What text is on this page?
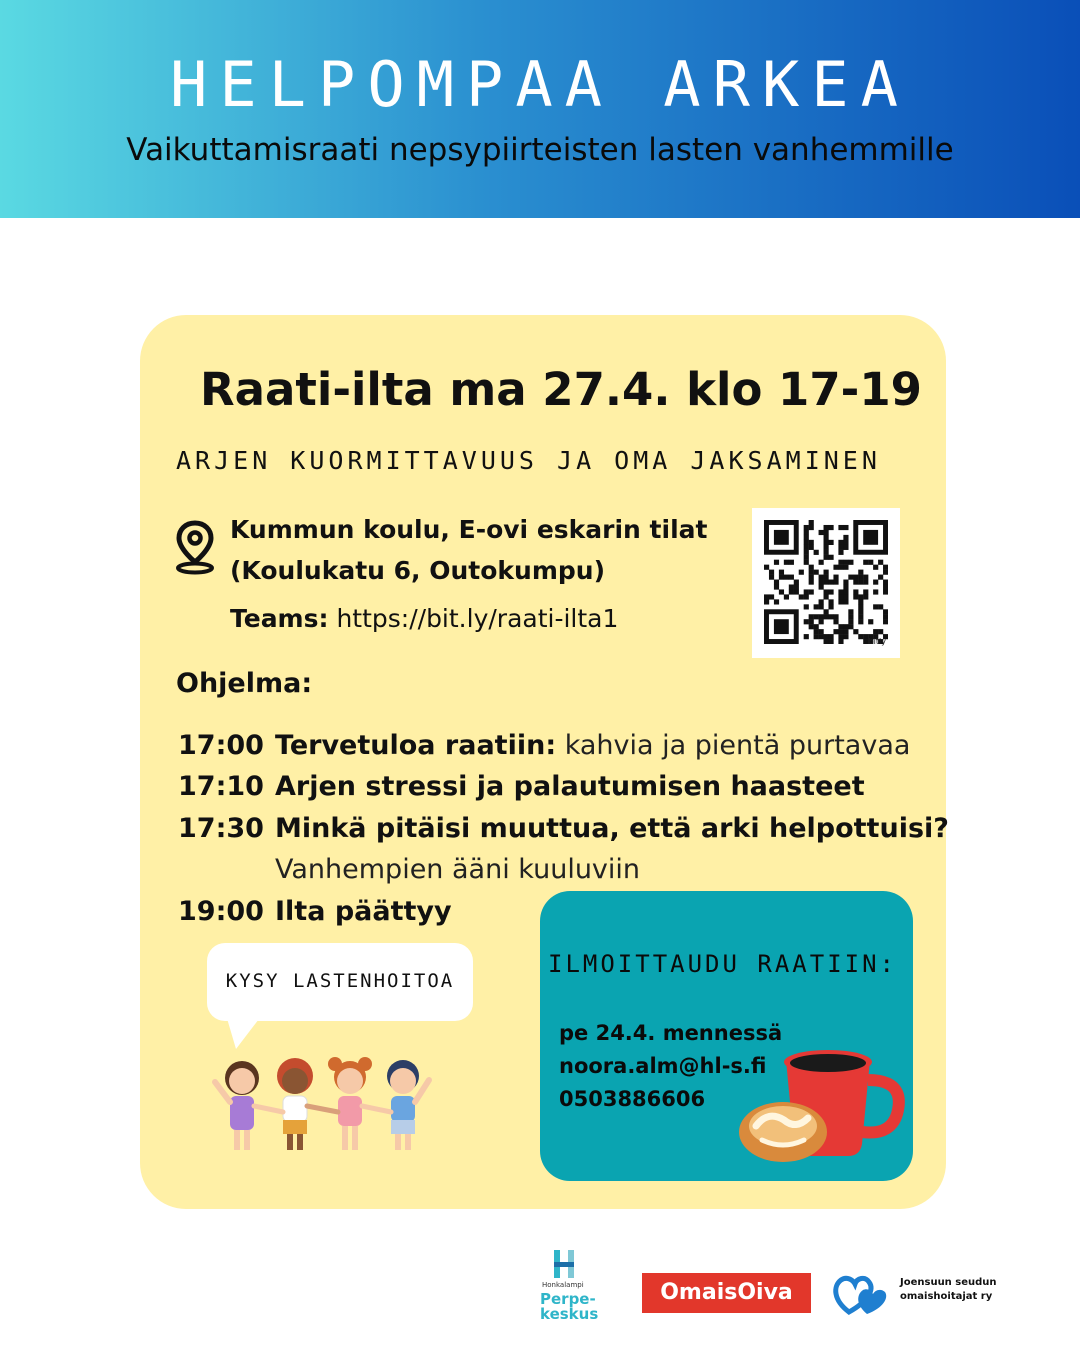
HELPOMPAA ARKEA
Vaikuttamisraati nepsypiirteisten lasten vanhemmille
Raati-ilta ma 27.4. klo 17-19
ARJEN KUORMITTAVUUS JA OMA JAKSAMINEN
Kummun koulu, E-ovi eskarin tilat
(Koulukatu 6, Outokumpu)
Teams: https://bit.ly/raati-ilta1
bitly
Ohjelma:
17:00 Tervetuloa raatiin: kahvia ja pientä purtavaa
17:10 Arjen stressi ja palautumisen haasteet
17:30 Minkä pitäisi muuttua, että arki helpottuisi?
Vanhempien ääni kuuluviin
19:00 Ilta päättyy
KYSY LASTENHOITOA
ILMOITTAUDU RAATIIN:
pe 24.4. mennessä
noora.alm@hl-s.fi
0503886606
Honkalampi
Perpe-
keskus
OmaisOiva	Joensuun seudun
omaishoitajat ry
